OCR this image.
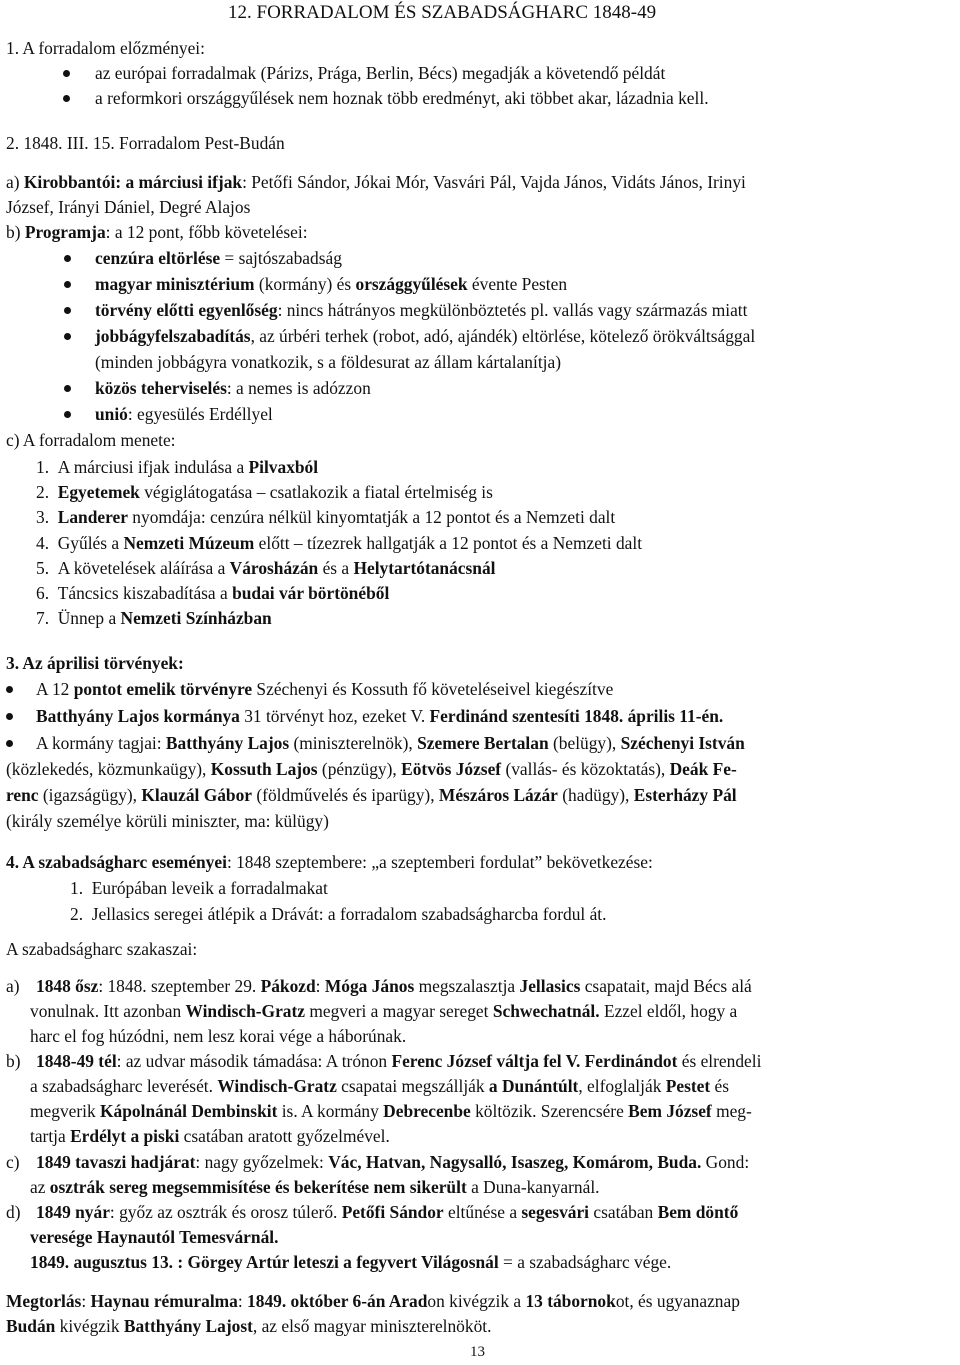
12. FORRADALOM ÉS SZABADSÁGHARC 1848-49
1. A forradalom előzményei:
az európai forradalmak (Párizs, Prága, Berlin, Bécs) megadják a követendő példát
a reformkori országgyűlések nem hoznak több eredményt, aki többet akar, lázadnia kell.
2. 1848. III. 15. Forradalom Pest-Budán
a) Kirobbantói: a márciusi ifjak: Petőfi Sándor, Jókai Mór, Vasvári Pál, Vajda János, Vidáts János, Irinyi
József, Irányi Dániel, Degré Alajos
b) Programja: a 12 pont, főbb követelései:
cenzúra eltörlése = sajtószabadság
magyar minisztérium (kormány) és országgyűlések évente Pesten
törvény előtti egyenlőség: nincs hátrányos megkülönböztetés pl. vallás vagy származás miatt
jobbágyfelszabadítás, az úrbéri terhek (robot, adó, ajándék) eltörlése, kötelező örökváltsággal
(minden jobbágyra vonatkozik, s a földesurat az állam kártalanítja)
közös teherviselés: a nemes is adózzon
unió: egyesülés Erdéllyel
c) A forradalom menete:
1. A márciusi ifjak indulása a Pilvaxból
2. Egyetemek végiglátogatása – csatlakozik a fiatal értelmiség is
3. Landerer nyomdája: cenzúra nélkül kinyomtatják a 12 pontot és a Nemzeti dalt
4. Gyűlés a Nemzeti Múzeum előtt – tízezrek hallgatják a 12 pontot és a Nemzeti dalt
5. A követelések aláírása a Városházán és a Helytartótanácsnál
6. Táncsics kiszabadítása a budai vár börtönéből
7. Ünnep a Nemzeti Színházban
3. Az áprilisi törvények:
A 12 pontot emelik törvényre Széchenyi és Kossuth fő követeléseivel kiegészítve
Batthyány Lajos kormánya 31 törvényt hoz, ezeket V. Ferdinánd szentesíti 1848. április 11-én.
A kormány tagjai: Batthyány Lajos (miniszterelnök), Szemere Bertalan (belügy), Széchenyi István
(közlekedés, közmunkaügy), Kossuth Lajos (pénzügy), Eötvös József (vallás- és közoktatás), Deák Fe-
renc (igazságügy), Klauzál Gábor (földművelés és iparügy), Mészáros Lázár (hadügy), Esterházy Pál
(király személye körüli miniszter, ma: külügy)
4. A szabadságharc eseményei: 1848 szeptembere: „a szeptemberi fordulat” bekövetkezése:
1. Európában leveik a forradalmakat
2. Jellasics seregei átlépik a Drávát: a forradalom szabadságharcba fordul át.
A szabadságharc szakaszai:
a) 1848 ősz: 1848. szeptember 29. Pákozd: Móga János megszalasztja Jellasics csapatait, majd Bécs alá
vonulnak. Itt azonban Windisch-Gratz megveri a magyar sereget Schwechatnál. Ezzel eldől, hogy a
harc el fog húzódni, nem lesz korai vége a háborúnak.
b) 1848-49 tél: az udvar második támadása: A trónon Ferenc József váltja fel V. Ferdinándot és elrendeli
a szabadságharc leverését. Windisch-Gratz csapatai megszállják a Dunántúlt, elfoglalják Pestet és
megverik Kápolnánál Dembinskit is. A kormány Debrecenbe költözik. Szerencsére Bem József meg-
tartja Erdélyt a piski csatában aratott győzelmével.
c) 1849 tavaszi hadjárat: nagy győzelmek: Vác, Hatvan, Nagysalló, Isaszeg, Komárom, Buda. Gond:
az osztrák sereg megsemmisítése és bekerítése nem sikerült a Duna-kanyarnál.
d) 1849 nyár: győz az osztrák és orosz túlerő. Petőfi Sándor eltűnése a segesvári csatában Bem döntő
veresége Haynautól Temesvárnál.
1849. augusztus 13. : Görgey Artúr leteszi a fegyvert Világosnál = a szabadságharc vége.
Megtorlás: Haynau rémuralma: 1849. október 6-án Aradon kivégzik a 13 tábornokot, és ugyanaznap
Budán kivégzik Batthyány Lajost, az első magyar miniszterelnököt.
13
